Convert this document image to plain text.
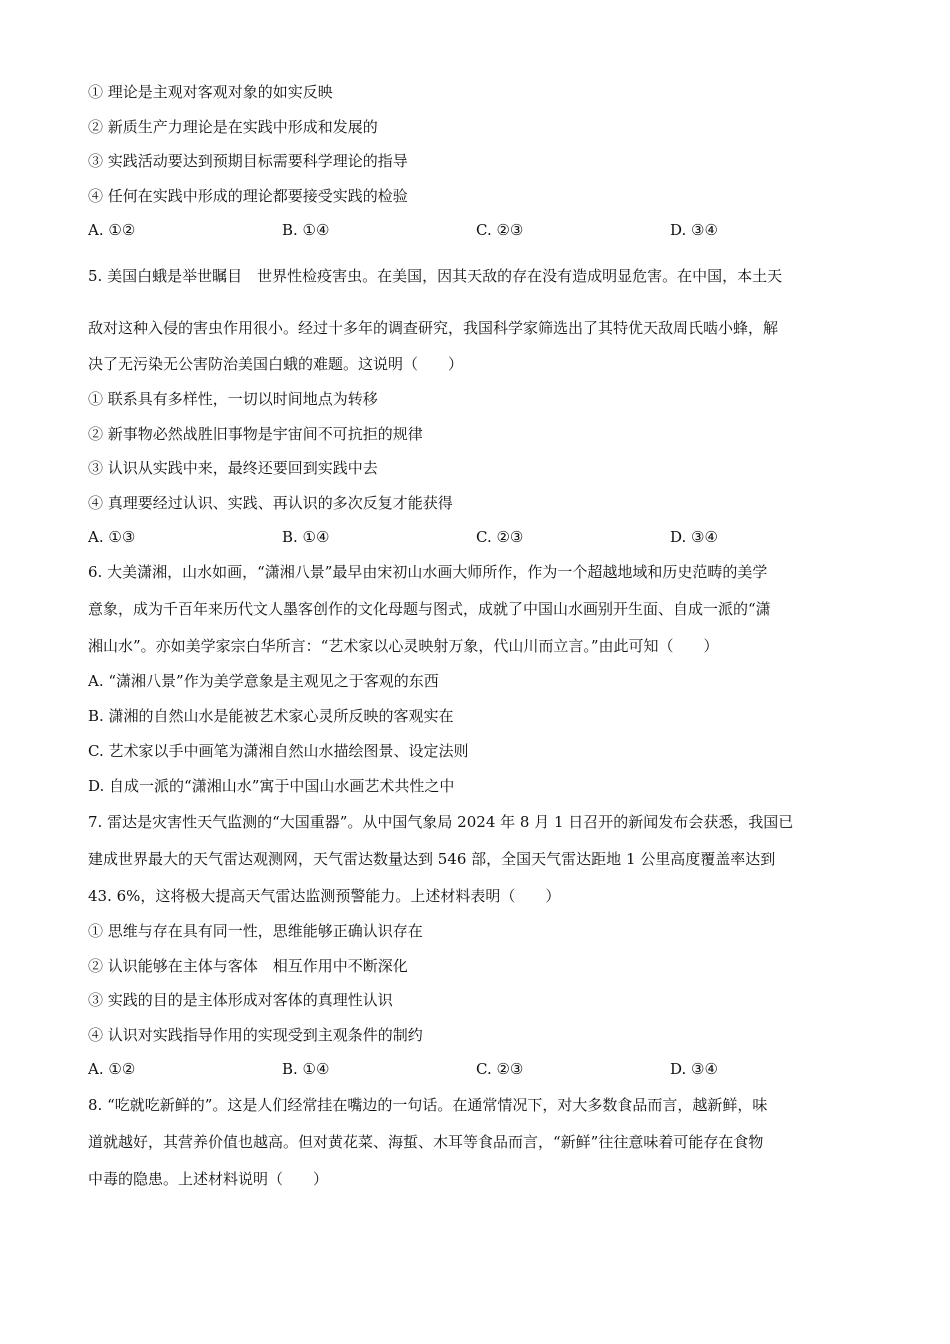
① 理论是主观对客观对象的如实反映
② 新质生产力理论是在实践中形成和发展的
③ 实践活动要达到预期目标需要科学理论的指导
④ 任何在实践中形成的理论都要接受实践的检验
A. ①②	B. ①④	C. ②③	D. ③④
5. 美国白蛾是举世瞩目　世界性检疫害虫。在美国，因其天敌的存在没有造成明显危害。在中国，本土天
敌对这种入侵的害虫作用很小。经过十多年的调查研究，我国科学家筛选出了其特优天敌周氏啮小蜂，解
决了无污染无公害防治美国白蛾的难题。这说明（　　）
① 联系具有多样性，一切以时间地点为转移
② 新事物必然战胜旧事物是宇宙间不可抗拒的规律
③ 认识从实践中来，最终还要回到实践中去
④ 真理要经过认识、实践、再认识的多次反复才能获得
A. ①③	B. ①④	C. ②③	D. ③④
6. 大美潇湘，山水如画，“潇湘八景”最早由宋初山水画大师所作，作为一个超越地域和历史范畴的美学
意象，成为千百年来历代文人墨客创作的文化母题与图式，成就了中国山水画别开生面、自成一派的“潇
湘山水”。亦如美学家宗白华所言：“艺术家以心灵映射万象，代山川而立言。”由此可知（　　）
A. “潇湘八景”作为美学意象是主观见之于客观的东西
B. 潇湘的自然山水是能被艺术家心灵所反映的客观实在
C. 艺术家以手中画笔为潇湘自然山水描绘图景、设定法则
D. 自成一派的“潇湘山水”寓于中国山水画艺术共性之中
7. 雷达是灾害性天气监测的“大国重器”。从中国气象局 2024 年 8 月 1 日召开的新闻发布会获悉，我国已
建成世界最大的天气雷达观测网，天气雷达数量达到 546 部，全国天气雷达距地 1 公里高度覆盖率达到
43. 6%，这将极大提高天气雷达监测预警能力。上述材料表明（　　）
① 思维与存在具有同一性，思维能够正确认识存在
② 认识能够在主体与客体　相互作用中不断深化
③ 实践的目的是主体形成对客体的真理性认识
④ 认识对实践指导作用的实现受到主观条件的制约
A. ①②	B. ①④	C. ②③	D. ③④
8. “吃就吃新鲜的”。这是人们经常挂在嘴边的一句话。在通常情况下，对大多数食品而言，越新鲜，味
道就越好，其营养价值也越高。但对黄花菜、海蜇、木耳等食品而言，“新鲜”往往意味着可能存在食物
中毒的隐患。上述材料说明（　　）
